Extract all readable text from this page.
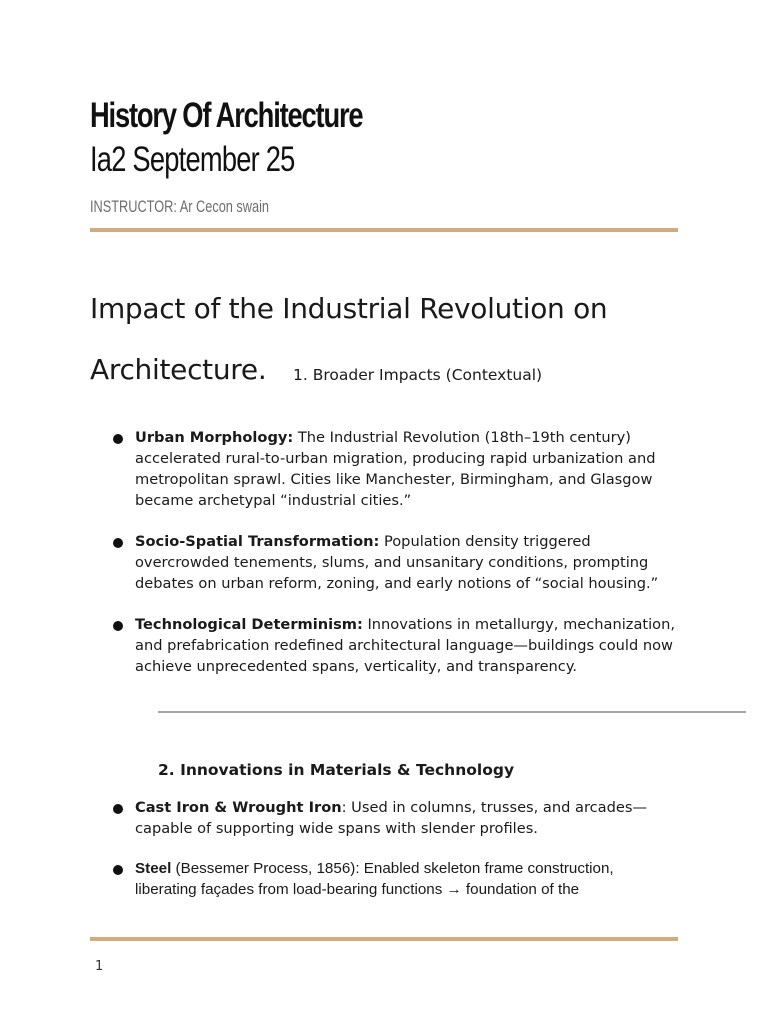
History Of Architecture
Ia2 September 25
INSTRUCTOR: Ar Cecon swain
Impact of the Industrial Revolution on
Architecture. 1. Broader Impacts (Contextual)
Urban Morphology: The Industrial Revolution (18th–19th century) accelerated rural-to-urban migration, producing rapid urbanization and metropolitan sprawl. Cities like Manchester, Birmingham, and Glasgow became archetypal “industrial cities.”
Socio-Spatial Transformation: Population density triggered overcrowded tenements, slums, and unsanitary conditions, prompting debates on urban reform, zoning, and early notions of “social housing.”
Technological Determinism: Innovations in metallurgy, mechanization, and prefabrication redefined architectural language—buildings could now achieve unprecedented spans, verticality, and transparency.
2. Innovations in Materials & Technology
Cast Iron & Wrought Iron: Used in columns, trusses, and arcades—capable of supporting wide spans with slender profiles.
Steel (Bessemer Process, 1856): Enabled skeleton frame construction, liberating façades from load-bearing functions → foundation of the
1
